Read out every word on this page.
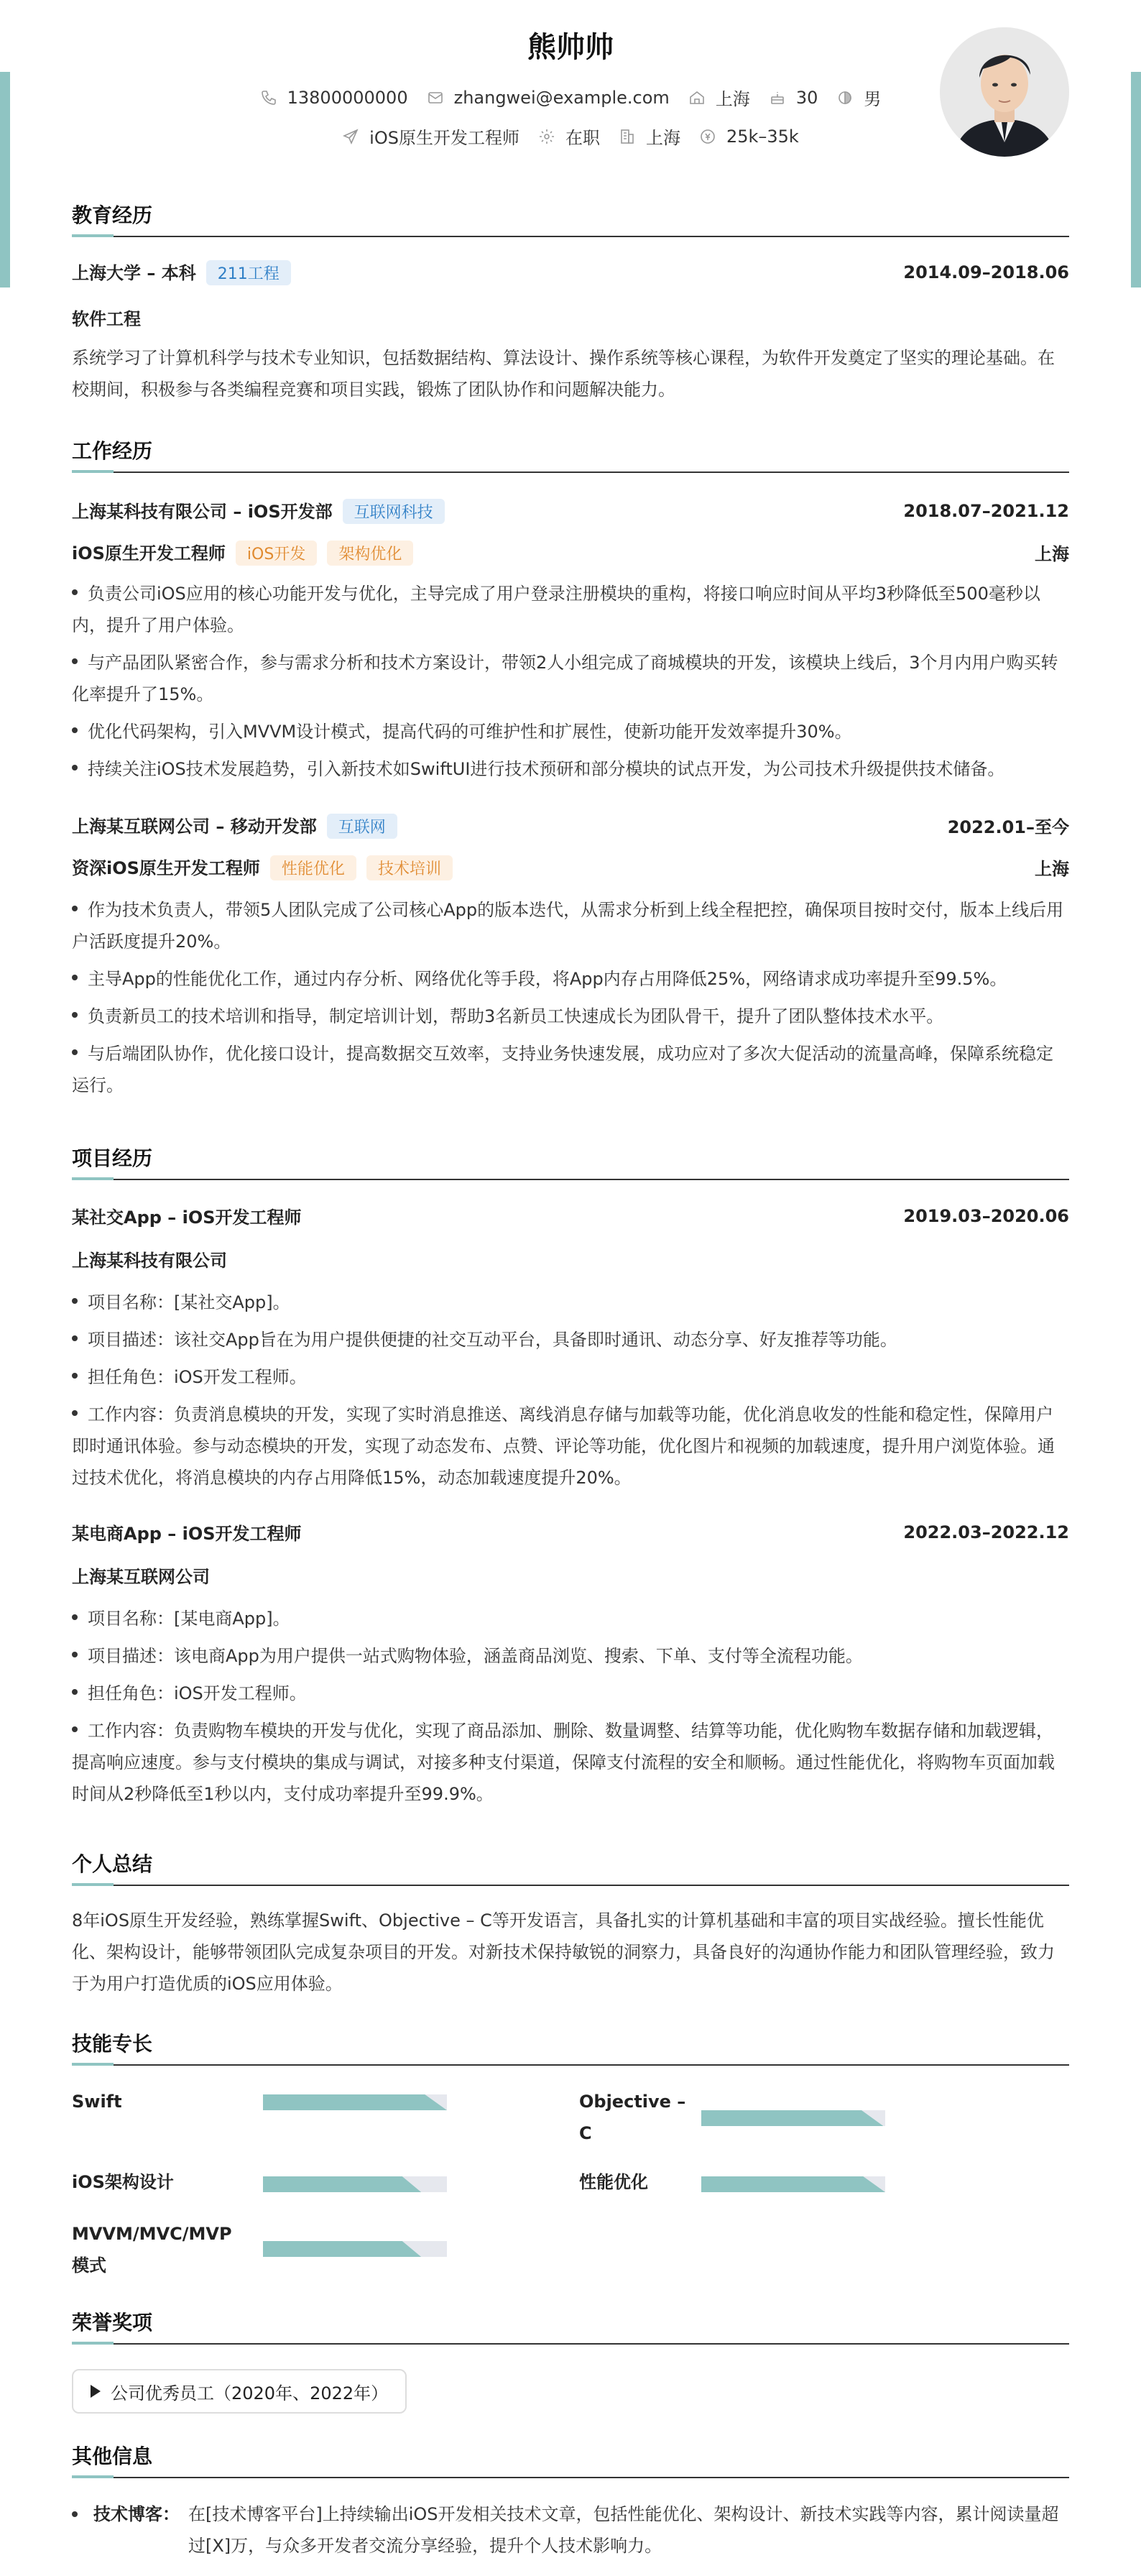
熊帅帅
13800000000	zhangwei@example.com	上海	30	男
iOS原生开发工程师	在职	上海	25k–35k
教育经历
上海大学 – 本科 211工程	2014.09–2018.06
软件工程
系统学习了计算机科学与技术专业知识，包括数据结构、算法设计、操作系统等核心课程，为软件开发奠定了坚实的理论基础。在校期间，积极参与各类编程竞赛和项目实践，锻炼了团队协作和问题解决能力。
工作经历
上海某科技有限公司 – iOS开发部 互联网科技	2018.07–2021.12
iOS原生开发工程师 iOS开发 架构优化	上海
负责公司iOS应用的核心功能开发与优化，主导完成了用户登录注册模块的重构，将接口响应时间从平均3秒降低至500毫秒以内，提升了用户体验。
与产品团队紧密合作，参与需求分析和技术方案设计，带领2人小组完成了商城模块的开发，该模块上线后，3个月内用户购买转化率提升了15%。
优化代码架构，引入MVVM设计模式，提高代码的可维护性和扩展性，使新功能开发效率提升30%。
持续关注iOS技术发展趋势，引入新技术如SwiftUI进行技术预研和部分模块的试点开发，为公司技术升级提供技术储备。
上海某互联网公司 – 移动开发部 互联网	2022.01–至今
资深iOS原生开发工程师 性能优化 技术培训	上海
作为技术负责人，带领5人团队完成了公司核心App的版本迭代，从需求分析到上线全程把控，确保项目按时交付，版本上线后用户活跃度提升20%。
主导App的性能优化工作，通过内存分析、网络优化等手段，将App内存占用降低25%，网络请求成功率提升至99.5%。
负责新员工的技术培训和指导，制定培训计划，帮助3名新员工快速成长为团队骨干，提升了团队整体技术水平。
与后端团队协作，优化接口设计，提高数据交互效率，支持业务快速发展，成功应对了多次大促活动的流量高峰，保障系统稳定运行。
项目经历
某社交App – iOS开发工程师	2019.03–2020.06
上海某科技有限公司
项目名称：[某社交App]。
项目描述：该社交App旨在为用户提供便捷的社交互动平台，具备即时通讯、动态分享、好友推荐等功能。
担任角色：iOS开发工程师。
工作内容：负责消息模块的开发，实现了实时消息推送、离线消息存储与加载等功能，优化消息收发的性能和稳定性，保障用户即时通讯体验。参与动态模块的开发，实现了动态发布、点赞、评论等功能，优化图片和视频的加载速度，提升用户浏览体验。通过技术优化，将消息模块的内存占用降低15%，动态加载速度提升20%。
某电商App – iOS开发工程师	2022.03–2022.12
上海某互联网公司
项目名称：[某电商App]。
项目描述：该电商App为用户提供一站式购物体验，涵盖商品浏览、搜索、下单、支付等全流程功能。
担任角色：iOS开发工程师。
工作内容：负责购物车模块的开发与优化，实现了商品添加、删除、数量调整、结算等功能，优化购物车数据存储和加载逻辑，提高响应速度。参与支付模块的集成与调试，对接多种支付渠道，保障支付流程的安全和顺畅。通过性能优化，将购物车页面加载时间从2秒降低至1秒以内，支付成功率提升至99.9%。
个人总结
8年iOS原生开发经验，熟练掌握Swift、Objective – C等开发语言，具备扎实的计算机基础和丰富的项目实战经验。擅长性能优化、架构设计，能够带领团队完成复杂项目的开发。对新技术保持敏锐的洞察力，具备良好的沟通协作能力和团队管理经验，致力于为用户打造优质的iOS应用体验。
技能专长
Swift	Objective – C
iOS架构设计	性能优化
MVVM/MVC/MVP模式
荣誉奖项
公司优秀员工（2020年、2022年）
其他信息
技术博客： 在[技术博客平台]上持续输出iOS开发相关技术文章，包括性能优化、架构设计、新技术实践等内容，累计阅读量超过[X]万，与众多开发者交流分享经验，提升个人技术影响力。
